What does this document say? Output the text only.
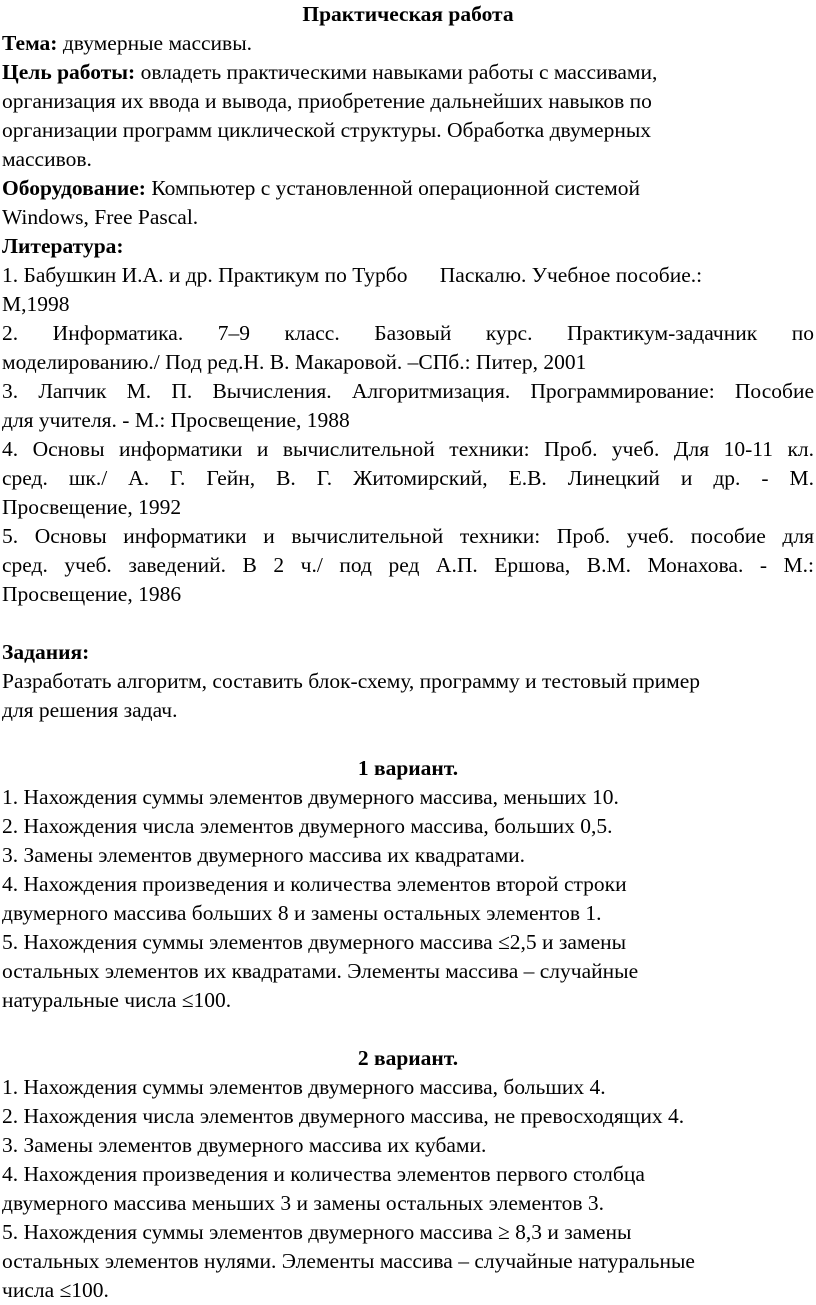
Практическая работа

Тема: двумерные массивы.

Цель работы: овладеть практическими навыками работы с массивами,

организация их ввода и вывода, приобретение дальнейших навыков по

организации программ циклической структуры. Обработка двумерных

массивов.

Оборудование: Компьютер с установленной операционной системой

Windows, Free Pascal.

Литература:

1. Бабушкин И.А. и др. Практикум по Турбо      Паскалю. Учебное пособие.:

М,1998

2. Информатика. 7–9 класс. Базовый курс. Практикум-задачник по

моделированию./ Под ред.Н. В. Макаровой. –СПб.: Питер, 2001

3. Лапчик М. П. Вычисления. Алгоритмизация. Программирование: Пособие

для учителя. - М.: Просвещение, 1988

4. Основы информатики и вычислительной техники: Проб. учеб. Для 10-11 кл.

сред. шк./ А. Г. Гейн, В. Г. Житомирский, Е.В. Линецкий и др. - М.

Просвещение, 1992

5. Основы информатики и вычислительной техники: Проб. учеб. пособие для

сред. учеб. заведений. В 2 ч./ под ред А.П. Ершова, В.М. Монахова. - М.:

Просвещение, 1986

Задания:

Разработать алгоритм, составить блок-схему, программу и тестовый пример

для решения задач.

1 вариант.

1. Нахождения суммы элементов двумерного массива, меньших 10.

2. Нахождения числа элементов двумерного массива, больших 0,5.

3. Замены элементов двумерного массива их квадратами.

4. Нахождения произведения и количества элементов второй строки

двумерного массива больших 8 и замены остальных элементов 1.

5. Нахождения суммы элементов двумерного массива ≤2,5 и замены

остальных элементов их квадратами. Элементы массива – случайные

натуральные числа ≤100.

2 вариант.

1. Нахождения суммы элементов двумерного массива, больших 4.

2. Нахождения числа элементов двумерного массива, не превосходящих 4.

3. Замены элементов двумерного массива их кубами.

4. Нахождения произведения и количества элементов первого столбца

двумерного массива меньших 3 и замены остальных элементов 3.

5. Нахождения суммы элементов двумерного массива ≥ 8,3 и замены

остальных элементов нулями. Элементы массива – случайные натуральные

числа ≤100.
